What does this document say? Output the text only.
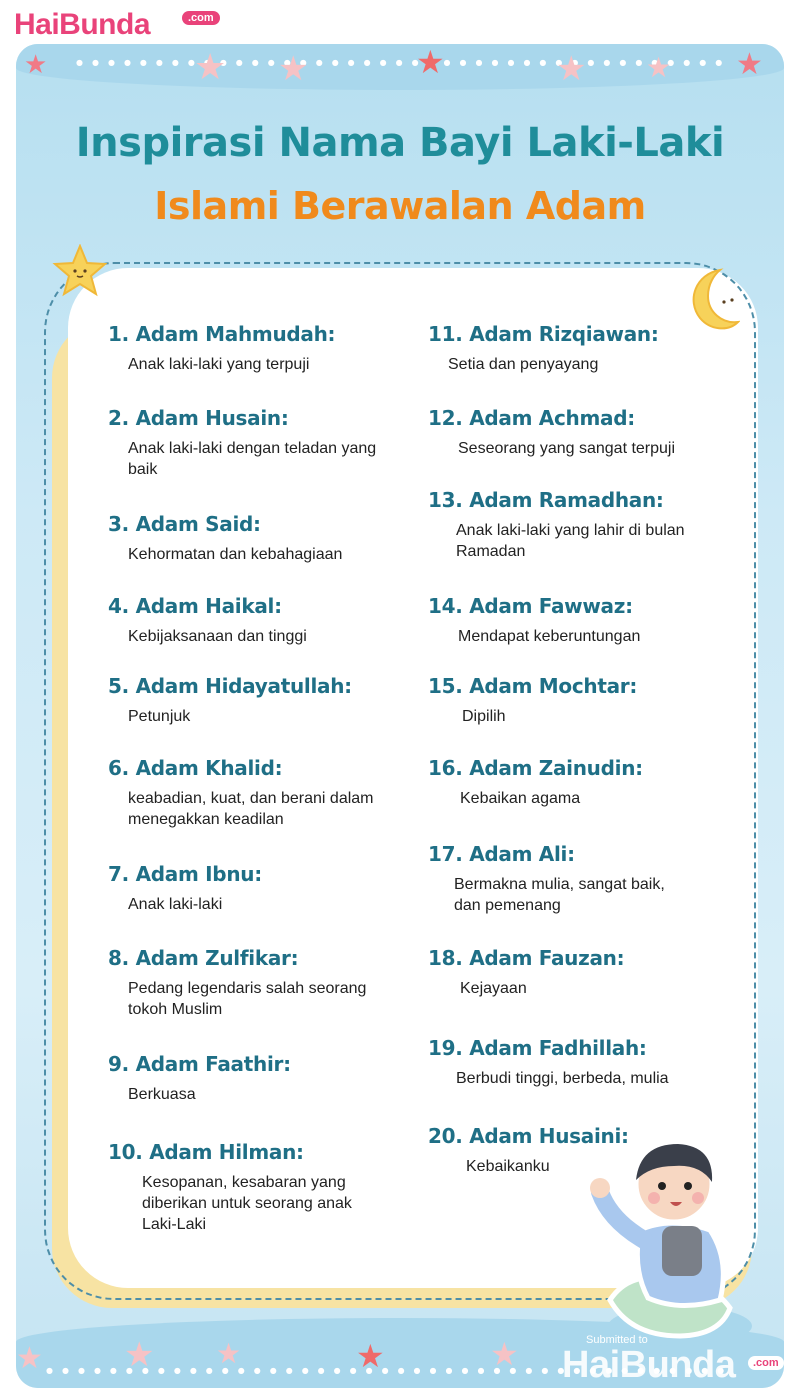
HaiBunda	.com
●●●●●●●●●●●●●●●●●●●●●●●●●●●●●●●●●●●●●●●●●
●●●●●●●●●●●●●●●●●●●●●●●●●●●●●●●●●●●●●●●●●●●
★	★ ★	★	★ ★ ★
★ ★ ★	★	★
Inspirasi Nama Bayi Laki-Laki
Islami Berawalan Adam
1. Adam Mahmudah:
Anak laki-laki yang terpuji
2. Adam Husain:
Anak laki-laki dengan teladan yang baik
3. Adam Said:
Kehormatan dan kebahagiaan
4. Adam Haikal:
Kebijaksanaan dan tinggi
5. Adam Hidayatullah:
Petunjuk
6. Adam Khalid:
keabadian, kuat, dan berani dalam menegakkan keadilan
7. Adam Ibnu:
Anak laki-laki
8. Adam Zulfikar:
Pedang legendaris salah seorang tokoh Muslim
9. Adam Faathir:
Berkuasa
10. Adam Hilman:
Kesopanan, kesabaran yang diberikan untuk seorang anak Laki-Laki
11. Adam Rizqiawan:
Setia dan penyayang
12. Adam Achmad:
Seseorang yang sangat terpuji
13. Adam Ramadhan:
Anak laki-laki yang lahir di bulan Ramadan
14. Adam Fawwaz:
Mendapat keberuntungan
15. Adam Mochtar:
Dipilih
16. Adam Zainudin:
Kebaikan agama
17. Adam Ali:
Bermakna mulia, sangat baik, dan pemenang
18. Adam Fauzan:
Kejayaan
19. Adam Fadhillah:
Berbudi tinggi, berbeda, mulia
20. Adam Husaini:
Kebaikanku
Submitted to
HaiBunda	.com
